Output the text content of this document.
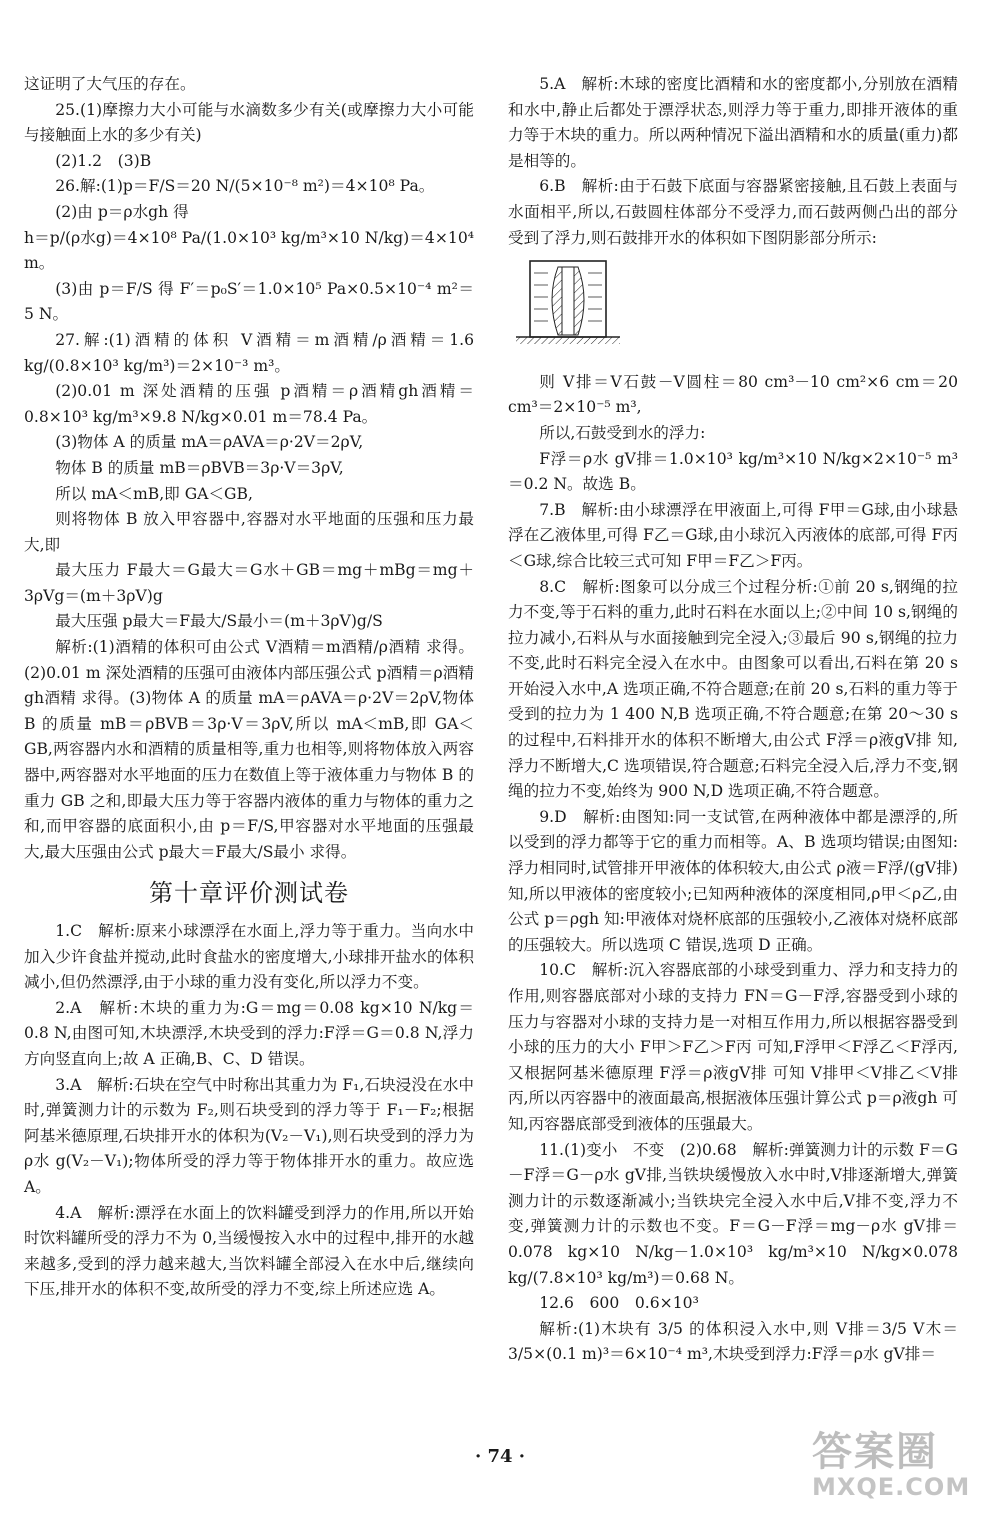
这证明了大气压的存在。

25.(1)摩擦力大小可能与水滴数多少有关(或摩擦力大小可能与接触面上水的多少有关)

(2)1.2　(3)B

26.解:(1)p＝F/S＝20 N/(5×10⁻⁸ m²)＝4×10⁸ Pa。

(2)由 p＝ρ水gh 得

h＝p/(ρ水g)＝4×10⁸ Pa/(1.0×10³ kg/m³×10 N/kg)＝4×10⁴ m。

(3)由 p＝F/S 得 F′＝p₀S′＝1.0×10⁵ Pa×0.5×10⁻⁴ m²＝5 N。

27.解:(1)酒精的体积 V酒精＝m酒精/ρ酒精＝1.6 kg/(0.8×10³ kg/m³)＝2×10⁻³ m³。

(2)0.01 m 深处酒精的压强 p酒精＝ρ酒精gh酒精＝0.8×10³ kg/m³×9.8 N/kg×0.01 m＝78.4 Pa。

(3)物体 A 的质量 mA＝ρAVA＝ρ·2V＝2ρV,

物体 B 的质量 mB＝ρBVB＝3ρ·V＝3ρV,

所以 mA＜mB,即 GA＜GB,

则将物体 B 放入甲容器中,容器对水平地面的压强和压力最大,即

最大压力 F最大＝G最大＝G水＋GB＝mg＋mBg＝mg＋3ρVg＝(m＋3ρV)g

最大压强 p最大＝F最大/S最小＝(m＋3ρV)g/S

解析:(1)酒精的体积可由公式 V酒精＝m酒精/ρ酒精 求得。(2)0.01 m 深处酒精的压强可由液体内部压强公式 p酒精＝ρ酒精gh酒精 求得。(3)物体 A 的质量 mA＝ρAVA＝ρ·2V＝2ρV,物体 B 的质量 mB＝ρBVB＝3ρ·V＝3ρV,所以 mA＜mB,即 GA＜GB,两容器内水和酒精的质量相等,重力也相等,则将物体放入两容器中,两容器对水平地面的压力在数值上等于液体重力与物体 B 的重力 GB 之和,即最大压力等于容器内液体的重力与物体的重力之和,而甲容器的底面积小,由 p＝F/S,甲容器对水平地面的压强最大,最大压强由公式 p最大＝F最大/S最小 求得。

第十章评价测试卷

1.C　解析:原来小球漂浮在水面上,浮力等于重力。当向水中加入少许食盐并搅动,此时食盐水的密度增大,小球排开盐水的体积减小,但仍然漂浮,由于小球的重力没有变化,所以浮力不变。

2.A　解析:木块的重力为:G＝mg＝0.08 kg×10 N/kg＝0.8 N,由图可知,木块漂浮,木块受到的浮力:F浮＝G＝0.8 N,浮力方向竖直向上;故 A 正确,B、C、D 错误。

3.A　解析:石块在空气中时称出其重力为 F₁,石块浸没在水中时,弹簧测力计的示数为 F₂,则石块受到的浮力等于 F₁－F₂;根据阿基米德原理,石块排开水的体积为(V₂－V₁),则石块受到的浮力为 ρ水 g(V₂－V₁);物体所受的浮力等于物体排开水的重力。故应选 A。

4.A　解析:漂浮在水面上的饮料罐受到浮力的作用,所以开始时饮料罐所受的浮力不为 0,当缓慢按入水中的过程中,排开的水越来越多,受到的浮力越来越大,当饮料罐全部浸入在水中后,继续向下压,排开水的体积不变,故所受的浮力不变,综上所述应选 A。

5.A　解析:木球的密度比酒精和水的密度都小,分别放在酒精和水中,静止后都处于漂浮状态,则浮力等于重力,即排开液体的重力等于木块的重力。所以两种情况下溢出酒精和水的质量(重力)都是相等的。

6.B　解析:由于石鼓下底面与容器紧密接触,且石鼓上表面与水面相平,所以,石鼓圆柱体部分不受浮力,而石鼓两侧凸出的部分受到了浮力,则石鼓排开水的体积如下图阴影部分所示:

则 V排＝V石鼓－V圆柱＝80 cm³－10 cm²×6 cm＝20 cm³＝2×10⁻⁵ m³,

所以,石鼓受到水的浮力:

F浮＝ρ水 gV排＝1.0×10³ kg/m³×10 N/kg×2×10⁻⁵ m³＝0.2 N。故选 B。

7.B　解析:由小球漂浮在甲液面上,可得 F甲＝G球,由小球悬浮在乙液体里,可得 F乙＝G球,由小球沉入丙液体的底部,可得 F丙＜G球,综合比较三式可知 F甲＝F乙＞F丙。

8.C　解析:图象可以分成三个过程分析:①前 20 s,钢绳的拉力不变,等于石料的重力,此时石料在水面以上;②中间 10 s,钢绳的拉力减小,石料从与水面接触到完全浸入;③最后 90 s,钢绳的拉力不变,此时石料完全浸入在水中。由图象可以看出,石料在第 20 s 开始浸入水中,A 选项正确,不符合题意;在前 20 s,石料的重力等于受到的拉力为 1 400 N,B 选项正确,不符合题意;在第 20～30 s 的过程中,石料排开水的体积不断增大,由公式 F浮＝ρ液gV排 知,浮力不断增大,C 选项错误,符合题意;石料完全浸入后,浮力不变,钢绳的拉力不变,始终为 900 N,D 选项正确,不符合题意。

9.D　解析:由图知:同一支试管,在两种液体中都是漂浮的,所以受到的浮力都等于它的重力而相等。A、B 选项均错误;由图知:浮力相同时,试管排开甲液体的体积较大,由公式 ρ液＝F浮/(gV排) 知,所以甲液体的密度较小;已知两种液体的深度相同,ρ甲＜ρ乙,由公式 p＝ρgh 知:甲液体对烧杯底部的压强较小,乙液体对烧杯底部的压强较大。所以选项 C 错误,选项 D 正确。

10.C　解析:沉入容器底部的小球受到重力、浮力和支持力的作用,则容器底部对小球的支持力 FN＝G－F浮,容器受到小球的压力与容器对小球的支持力是一对相互作用力,所以根据容器受到小球的压力的大小 F甲＞F乙＞F丙 可知,F浮甲＜F浮乙＜F浮丙,又根据阿基米德原理 F浮＝ρ液gV排 可知 V排甲＜V排乙＜V排丙,所以丙容器中的液面最高,根据液体压强计算公式 p＝ρ液gh 可知,丙容器底部受到液体的压强最大。

11.(1)变小　不变　(2)0.68　解析:弹簧测力计的示数 F＝G－F浮＝G－ρ水 gV排,当铁块缓慢放入水中时,V排逐渐增大,弹簧测力计的示数逐渐减小;当铁块完全浸入水中后,V排不变,浮力不变,弹簧测力计的示数也不变。F＝G－F浮＝mg－ρ水 gV排＝0.078 kg×10 N/kg－1.0×10³ kg/m³×10 N/kg×0.078 kg/(7.8×10³ kg/m³)＝0.68 N。

12.6　600　0.6×10³

解析:(1)木块有 3/5 的体积浸入水中,则 V排＝3/5 V木＝3/5×(0.1 m)³＝6×10⁻⁴ m³,木块受到浮力:F浮＝ρ水 gV排＝

· 74 ·	答案圈
MXQE.COM
